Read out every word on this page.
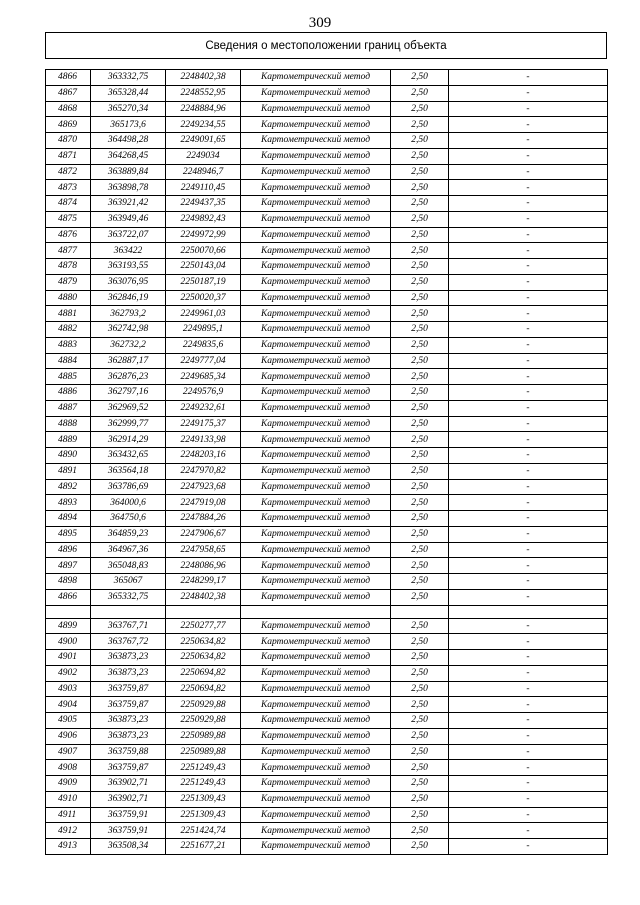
309
Сведения о местоположении границ объекта
4866	363332,75	2248402,38	Картометрический метод	2,50	-
4867	365328,44	2248552,95	Картометрический метод	2,50	-
4868	365270,34	2248884,96	Картометрический метод	2,50	-
4869	365173,6	2249234,55	Картометрический метод	2,50	-
4870	364498,28	2249091,65	Картометрический метод	2,50	-
4871	364268,45	2249034	Картометрический метод	2,50	-
4872	363889,84	2248946,7	Картометрический метод	2,50	-
4873	363898,78	2249110,45	Картометрический метод	2,50	-
4874	363921,42	2249437,35	Картометрический метод	2,50	-
4875	363949,46	2249892,43	Картометрический метод	2,50	-
4876	363722,07	2249972,99	Картометрический метод	2,50	-
4877	363422	2250070,66	Картометрический метод	2,50	-
4878	363193,55	2250143,04	Картометрический метод	2,50	-
4879	363076,95	2250187,19	Картометрический метод	2,50	-
4880	362846,19	2250020,37	Картометрический метод	2,50	-
4881	362793,2	2249961,03	Картометрический метод	2,50	-
4882	362742,98	2249895,1	Картометрический метод	2,50	-
4883	362732,2	2249835,6	Картометрический метод	2,50	-
4884	362887,17	2249777,04	Картометрический метод	2,50	-
4885	362876,23	2249685,34	Картометрический метод	2,50	-
4886	362797,16	2249576,9	Картометрический метод	2,50	-
4887	362969,52	2249232,61	Картометрический метод	2,50	-
4888	362999,77	2249175,37	Картометрический метод	2,50	-
4889	362914,29	2249133,98	Картометрический метод	2,50	-
4890	363432,65	2248203,16	Картометрический метод	2,50	-
4891	363564,18	2247970,82	Картометрический метод	2,50	-
4892	363786,69	2247923,68	Картометрический метод	2,50	-
4893	364000,6	2247919,08	Картометрический метод	2,50	-
4894	364750,6	2247884,26	Картометрический метод	2,50	-
4895	364859,23	2247906,67	Картометрический метод	2,50	-
4896	364967,36	2247958,65	Картометрический метод	2,50	-
4897	365048,83	2248086,96	Картометрический метод	2,50	-
4898	365067	2248299,17	Картометрический метод	2,50	-
4866	365332,75	2248402,38	Картометрический метод	2,50	-

4899	363767,71	2250277,77	Картометрический метод	2,50	-
4900	363767,72	2250634,82	Картометрический метод	2,50	-
4901	363873,23	2250634,82	Картометрический метод	2,50	-
4902	363873,23	2250694,82	Картометрический метод	2,50	-
4903	363759,87	2250694,82	Картометрический метод	2,50	-
4904	363759,87	2250929,88	Картометрический метод	2,50	-
4905	363873,23	2250929,88	Картометрический метод	2,50	-
4906	363873,23	2250989,88	Картометрический метод	2,50	-
4907	363759,88	2250989,88	Картометрический метод	2,50	-
4908	363759,87	2251249,43	Картометрический метод	2,50	-
4909	363902,71	2251249,43	Картометрический метод	2,50	-
4910	363902,71	2251309,43	Картометрический метод	2,50	-
4911	363759,91	2251309,43	Картометрический метод	2,50	-
4912	363759,91	2251424,74	Картометрический метод	2,50	-
4913	363508,34	2251677,21	Картометрический метод	2,50	-
